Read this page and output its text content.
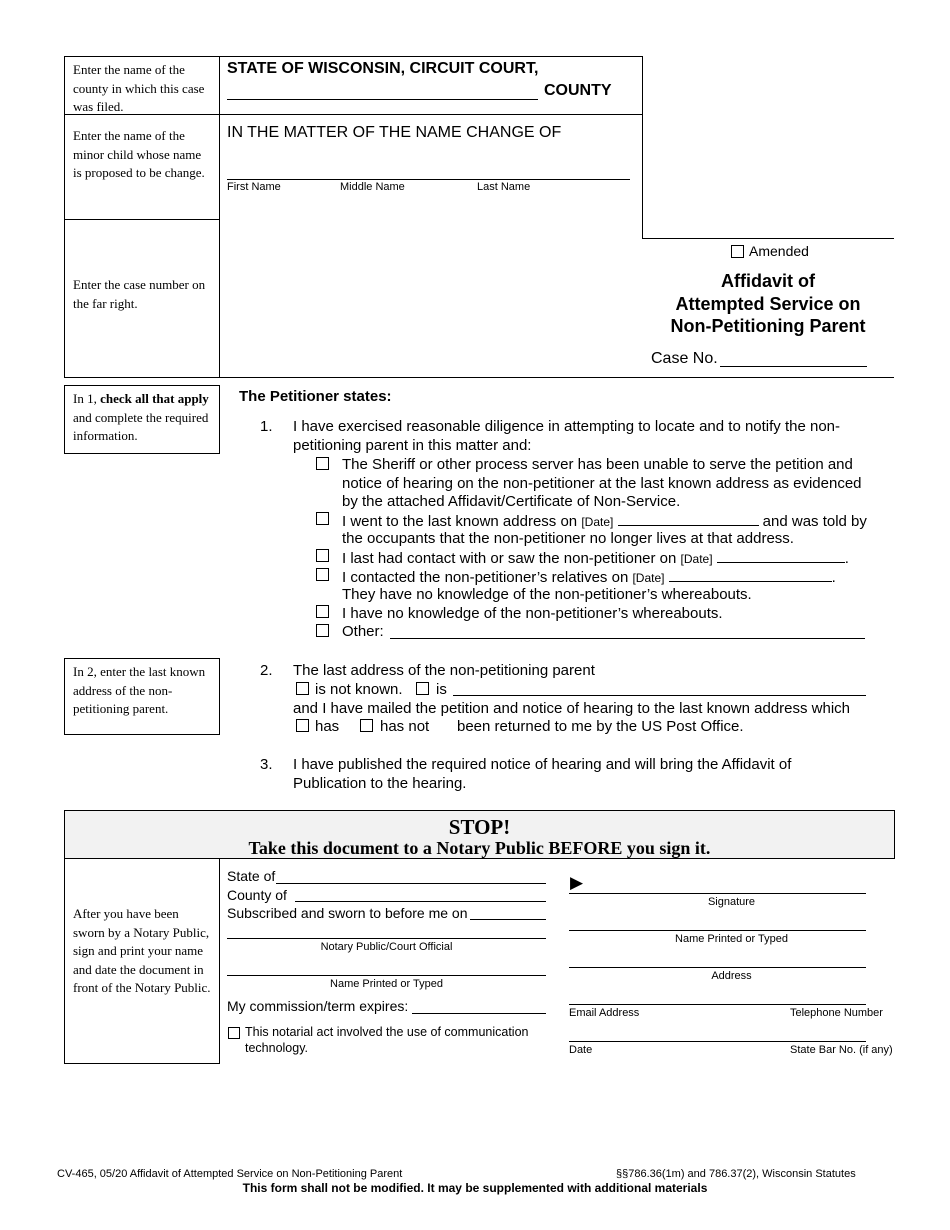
Enter the name of the county in which this case was filed.
Enter the name of the minor child whose name is proposed to be change.
Enter the case number on the far right.
STATE OF WISCONSIN, CIRCUIT COURT,
COUNTY
IN THE MATTER OF THE NAME CHANGE OF
First Name	Middle Name	Last Name
Amended
Affidavit of
Attempted Service on
Non-Petitioning Parent
Case No.
In 1, check all that apply and complete the required information.
The Petitioner states:
1. I have exercised reasonable diligence in attempting to locate and to notify the non-
petitioning parent in this matter and:
The Sheriff or other process server has been unable to serve the petition and
notice of hearing on the non-petitioner at the last known address as evidenced
by the attached Affidavit/Certificate of Non-Service.
I went to the last known address on [Date]	and was told by
the occupants that the non-petitioner no longer lives at that address.
I last had contact with or saw the non-petitioner on [Date]	.
I contacted the non-petitioner’s relatives on [Date]	.
They have no knowledge of the non-petitioner’s whereabouts.
I have no knowledge of the non-petitioner’s whereabouts.
Other:
In 2, enter the last known address of the non-petitioning parent.
2. The last address of the non-petitioning parent
is not known. is
and I have mailed the petition and notice of hearing to the last known address which
has	has not been returned to me by the US Post Office.
3. I have published the required notice of hearing and will bring the Affidavit of
Publication to the hearing.
STOP!
Take this document to a Notary Public BEFORE you sign it.
After you have been sworn by a Notary Public, sign and print your name and date the document in front of the Notary Public.
State of
County of
Subscribed and sworn to before me on
Notary Public/Court Official
Name Printed or Typed
My commission/term expires:
This notarial act involved the use of communication
technology.
▶
Signature
Name Printed or Typed
Address
Email Address	Telephone Number
Date	State Bar No. (if any)
CV-465, 05/20 Affidavit of Attempted Service on Non-Petitioning Parent	§§786.36(1m) and 786.37(2), Wisconsin Statutes
This form shall not be modified. It may be supplemented with additional materials
